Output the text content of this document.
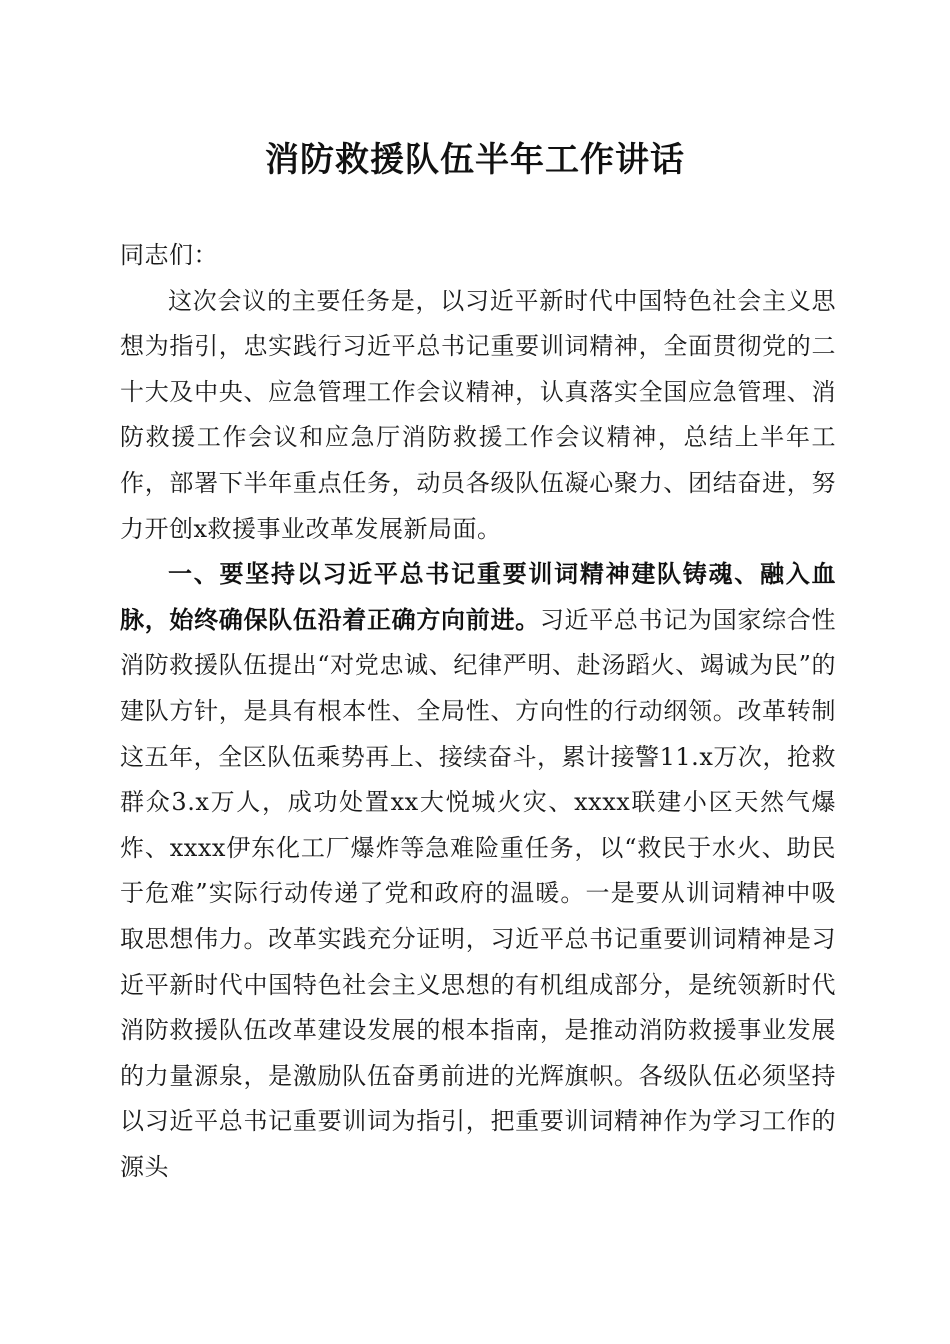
消防救援队伍半年工作讲话

同志们：

这次会议的主要任务是，以习近平新时代中国特色社会主义思想为指引，忠实践行习近平总书记重要训词精神，全面贯彻党的二十大及中央、应急管理工作会议精神，认真落实全国应急管理、消防救援工作会议和应急厅消防救援工作会议精神，总结上半年工作，部署下半年重点任务，动员各级队伍凝心聚力、团结奋进，努力开创x救援事业改革发展新局面。

一、要坚持以习近平总书记重要训词精神建队铸魂、融入血脉，始终确保队伍沿着正确方向前进。习近平总书记为国家综合性消防救援队伍提出“对党忠诚、纪律严明、赴汤蹈火、竭诚为民”的建队方针，是具有根本性、全局性、方向性的行动纲领。改革转制这五年，全区队伍乘势再上、接续奋斗，累计接警11.x万次，抢救群众3.x万人，成功处置xx大悦城火灾、xxxx联建小区天然气爆炸、xxxx伊东化工厂爆炸等急难险重任务，以“救民于水火、助民于危难”实际行动传递了党和政府的温暖。一是要从训词精神中吸取思想伟力。改革实践充分证明，习近平总书记重要训词精神是习近平新时代中国特色社会主义思想的有机组成部分，是统领新时代消防救援队伍改革建设发展的根本指南，是推动消防救援事业发展的力量源泉，是激励队伍奋勇前进的光辉旗帜。各级队伍必须坚持以习近平总书记重要训词为指引，把重要训词精神作为学习工作的源头
